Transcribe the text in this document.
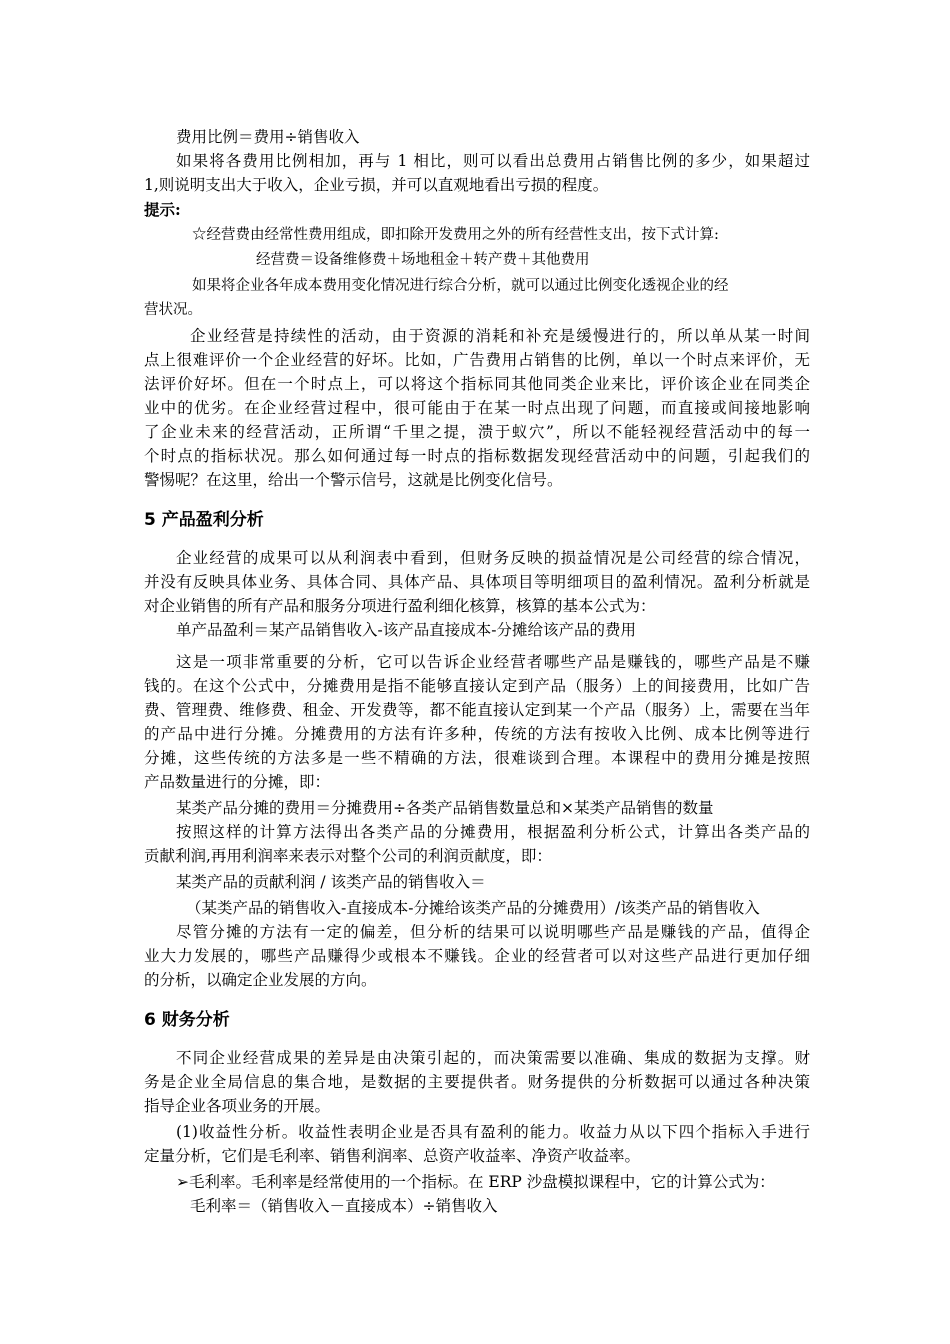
费用比例＝费用÷销售收入

如果将各费用比例相加，再与 1 相比，则可以看出总费用占销售比例的多少，如果超过

1,则说明支出大于收入，企业亏损，并可以直观地看出亏损的程度。

提示:

☆经营费由经常性费用组成，即扣除开发费用之外的所有经营性支出，按下式计算:

经营费＝设备维修费＋场地租金＋转产费＋其他费用

如果将企业各年成本费用变化情况进行综合分析，就可以通过比例变化透视企业的经

营状况。

企业经营是持续性的活动，由于资源的消耗和补充是缓慢进行的，所以单从某一时间

点上很难评价一个企业经营的好坏。比如，广告费用占销售的比例，单以一个时点来评价，无

法评价好坏。但在一个时点上，可以将这个指标同其他同类企业来比，评价该企业在同类企

业中的优劣。在企业经营过程中，很可能由于在某一时点出现了问题，而直接或间接地影响

了企业未来的经营活动，正所谓“千里之提，溃于蚁穴”，所以不能轻视经营活动中的每一

个时点的指标状况。那么如何通过每一时点的指标数据发现经营活动中的问题，引起我们的

警惕呢？在这里，给出一个警示信号，这就是比例变化信号。

5 产品盈利分析

企业经营的成果可以从利润表中看到，但财务反映的损益情况是公司经营的综合情况，

并没有反映具体业务、具体合同、具体产品、具体项目等明细项目的盈利情况。盈利分析就是

对企业销售的所有产品和服务分项进行盈利细化核算，核算的基本公式为：

单产品盈利＝某产品销售收入-该产品直接成本-分摊给该产品的费用

这是一项非常重要的分析，它可以告诉企业经营者哪些产品是赚钱的，哪些产品是不赚

钱的。在这个公式中，分摊费用是指不能够直接认定到产品（服务）上的间接费用，比如广告

费、管理费、维修费、租金、开发费等，都不能直接认定到某一个产品（服务）上，需要在当年

的产品中进行分摊。分摊费用的方法有许多种，传统的方法有按收入比例、成本比例等进行

分摊，这些传统的方法多是一些不精确的方法，很难谈到合理。本课程中的费用分摊是按照

产品数量进行的分摊，即：

某类产品分摊的费用＝分摊费用÷各类产品销售数量总和×某类产品销售的数量

按照这样的计算方法得出各类产品的分摊费用，根据盈利分析公式，计算出各类产品的

贡献利润,再用利润率来表示对整个公司的利润贡献度，即：

某类产品的贡献利润 / 该类产品的销售收入＝

（某类产品的销售收入-直接成本-分摊给该类产品的分摊费用）/该类产品的销售收入

尽管分摊的方法有一定的偏差，但分析的结果可以说明哪些产品是赚钱的产品，值得企

业大力发展的，哪些产品赚得少或根本不赚钱。企业的经营者可以对这些产品进行更加仔细

的分析，以确定企业发展的方向。

6 财务分析

不同企业经营成果的差异是由决策引起的，而决策需要以准确、集成的数据为支撑。财

务是企业全局信息的集合地，是数据的主要提供者。财务提供的分析数据可以通过各种决策

指导企业各项业务的开展。

(1)收益性分析。收益性表明企业是否具有盈利的能力。收益力从以下四个指标入手进行

定量分析，它们是毛利率、销售利润率、总资产收益率、净资产收益率。

➢毛利率。毛利率是经常使用的一个指标。在 ERP 沙盘模拟课程中，它的计算公式为：

毛利率＝（销售收入－直接成本）÷销售收入
